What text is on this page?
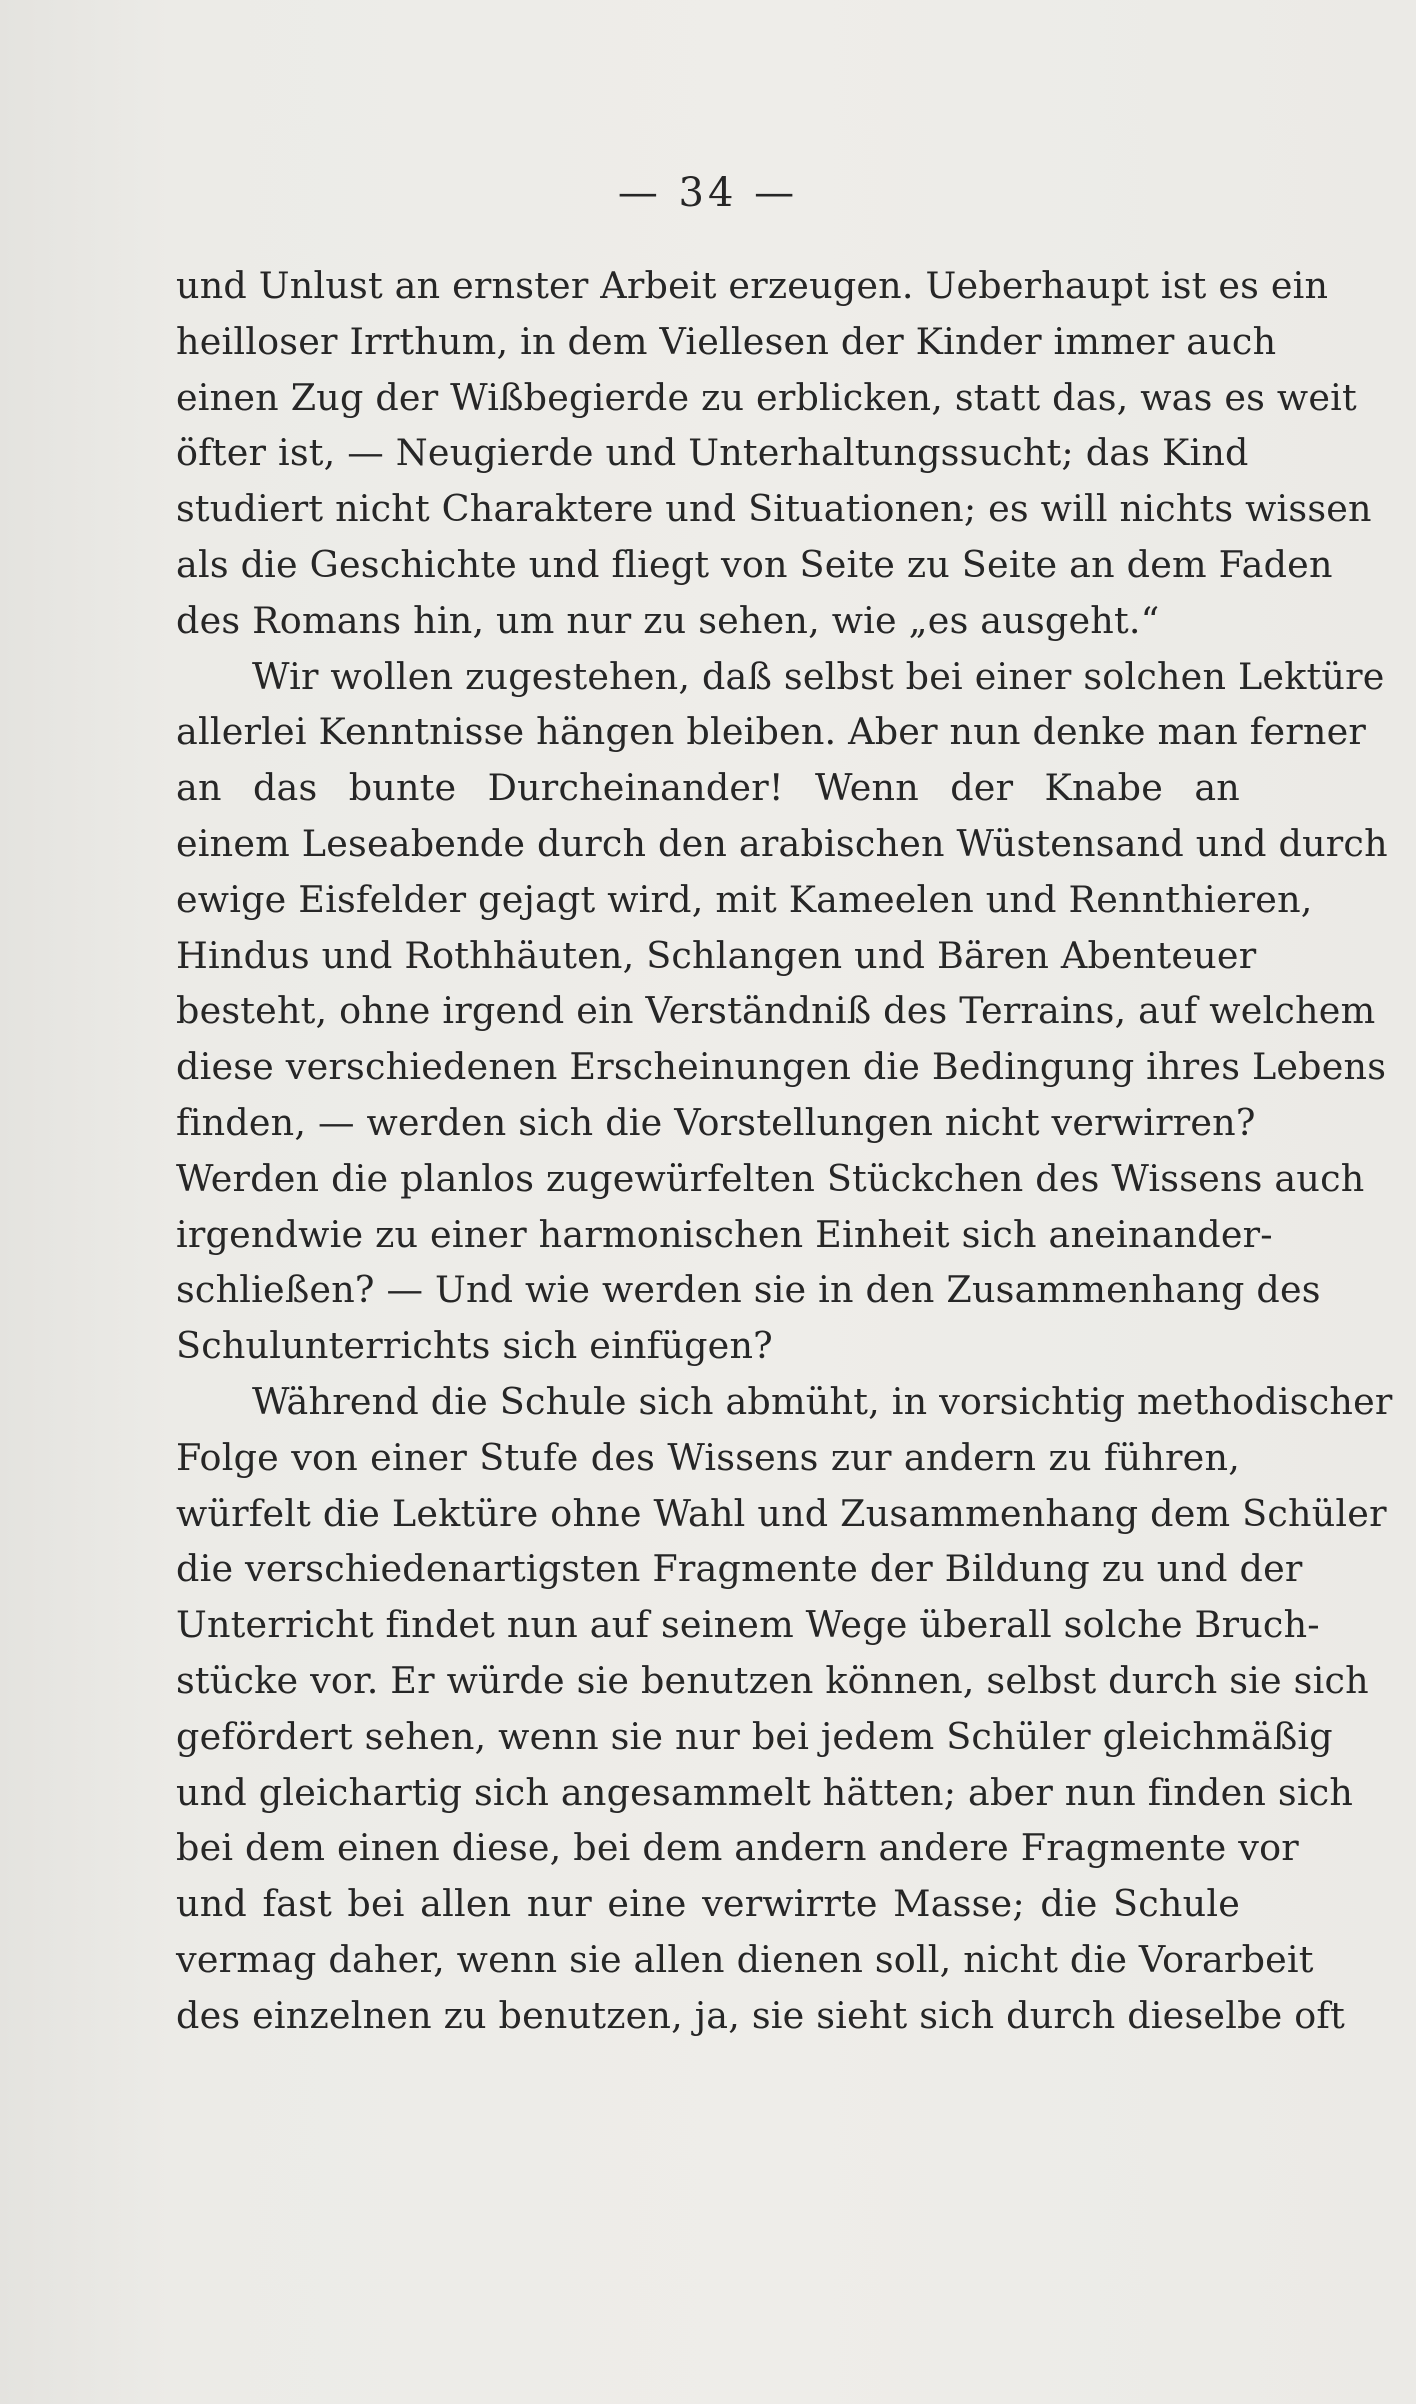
— 34 —
und Unlust an ernster Arbeit erzeugen. Ueberhaupt ist es ein
heilloser Irrthum, in dem Viellesen der Kinder immer auch
einen Zug der Wißbegierde zu erblicken, statt das, was es weit
öfter ist, — Neugierde und Unterhaltungssucht; das Kind
studiert nicht Charaktere und Situationen; es will nichts wissen
als die Geschichte und fliegt von Seite zu Seite an dem Faden
des Romans hin, um nur zu sehen, wie „es ausgeht.“
Wir wollen zugestehen, daß selbst bei einer solchen Lektüre
allerlei Kenntnisse hängen bleiben. Aber nun denke man ferner
an das bunte Durcheinander! Wenn der Knabe an
einem Leseabende durch den arabischen Wüstensand und durch
ewige Eisfelder gejagt wird, mit Kameelen und Rennthieren,
Hindus und Rothhäuten, Schlangen und Bären Abenteuer
besteht, ohne irgend ein Verständniß des Terrains, auf welchem
diese verschiedenen Erscheinungen die Bedingung ihres Lebens
finden, — werden sich die Vorstellungen nicht verwirren?
Werden die planlos zugewürfelten Stückchen des Wissens auch
irgendwie zu einer harmonischen Einheit sich aneinander-
schließen? — Und wie werden sie in den Zusammenhang des
Schulunterrichts sich einfügen?
Während die Schule sich abmüht, in vorsichtig methodischer
Folge von einer Stufe des Wissens zur andern zu führen,
würfelt die Lektüre ohne Wahl und Zusammenhang dem Schüler
die verschiedenartigsten Fragmente der Bildung zu und der
Unterricht findet nun auf seinem Wege überall solche Bruch-
stücke vor. Er würde sie benutzen können, selbst durch sie sich
gefördert sehen, wenn sie nur bei jedem Schüler gleichmäßig
und gleichartig sich angesammelt hätten; aber nun finden sich
bei dem einen diese, bei dem andern andere Fragmente vor
und fast bei allen nur eine verwirrte Masse; die Schule
vermag daher, wenn sie allen dienen soll, nicht die Vorarbeit
des einzelnen zu benutzen, ja, sie sieht sich durch dieselbe oft
